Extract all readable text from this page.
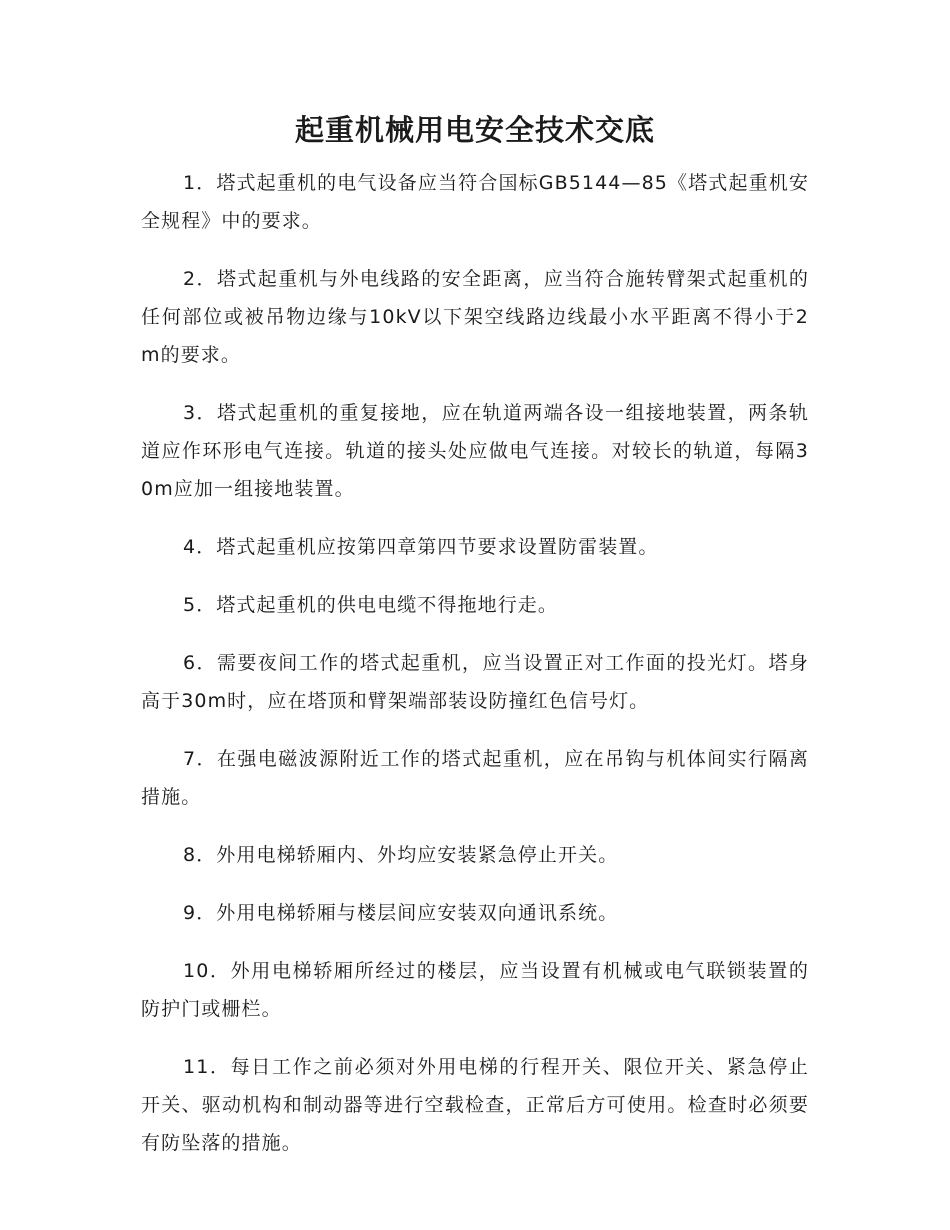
起重机械用电安全技术交底

1．塔式起重机的电气设备应当符合国标GB5144—85《塔式起重机安全规程》中的要求。

2．塔式起重机与外电线路的安全距离，应当符合施转臂架式起重机的任何部位或被吊物边缘与10kV以下架空线路边线最小水平距离不得小于2m的要求。

3．塔式起重机的重复接地，应在轨道两端各设一组接地装置，两条轨道应作环形电气连接。轨道的接头处应做电气连接。对较长的轨道，每隔30m应加一组接地装置。

4．塔式起重机应按第四章第四节要求设置防雷装置。

5．塔式起重机的供电电缆不得拖地行走。

6．需要夜间工作的塔式起重机，应当设置正对工作面的投光灯。塔身高于30m时，应在塔顶和臂架端部装设防撞红色信号灯。

7．在强电磁波源附近工作的塔式起重机，应在吊钩与机体间实行隔离措施。

8．外用电梯轿厢内、外均应安装紧急停止开关。

9．外用电梯轿厢与楼层间应安装双向通讯系统。

10．外用电梯轿厢所经过的楼层，应当设置有机械或电气联锁装置的防护门或栅栏。

11．每日工作之前必须对外用电梯的行程开关、限位开关、紧急停止开关、驱动机构和制动器等进行空载检查，正常后方可使用。检查时必须要有防坠落的措施。
